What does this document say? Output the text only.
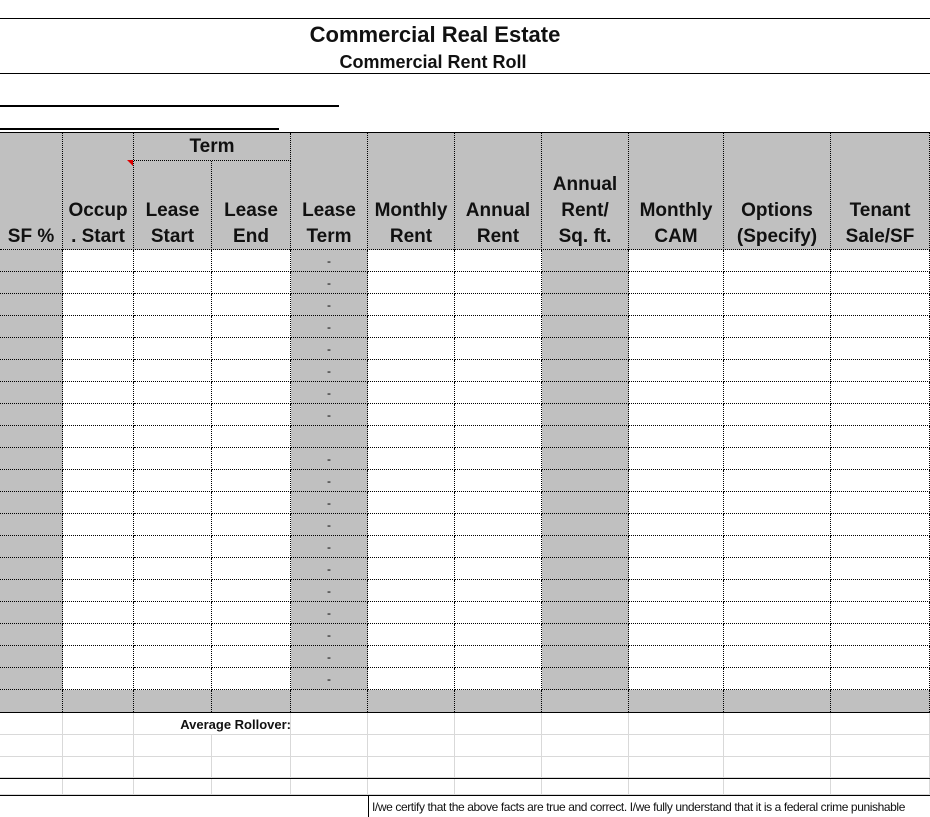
Commercial Real Estate
Commercial Rent Roll
SF %
Occup
. Start
Lease
Start
Lease
End
Lease
Term
Monthly
Rent
Annual
Rent
Annual
Rent/
Sq. ft.
Monthly
CAM
Options
(Specify)
Tenant
Sale/SF
Term
-
-
-
-
-
-
-
-
-
-
-
-
-
-
-
-
-
-
-
Average Rollover:
I/we certify that the above facts are true and correct. I/we fully understand that it is a federal crime punishable
